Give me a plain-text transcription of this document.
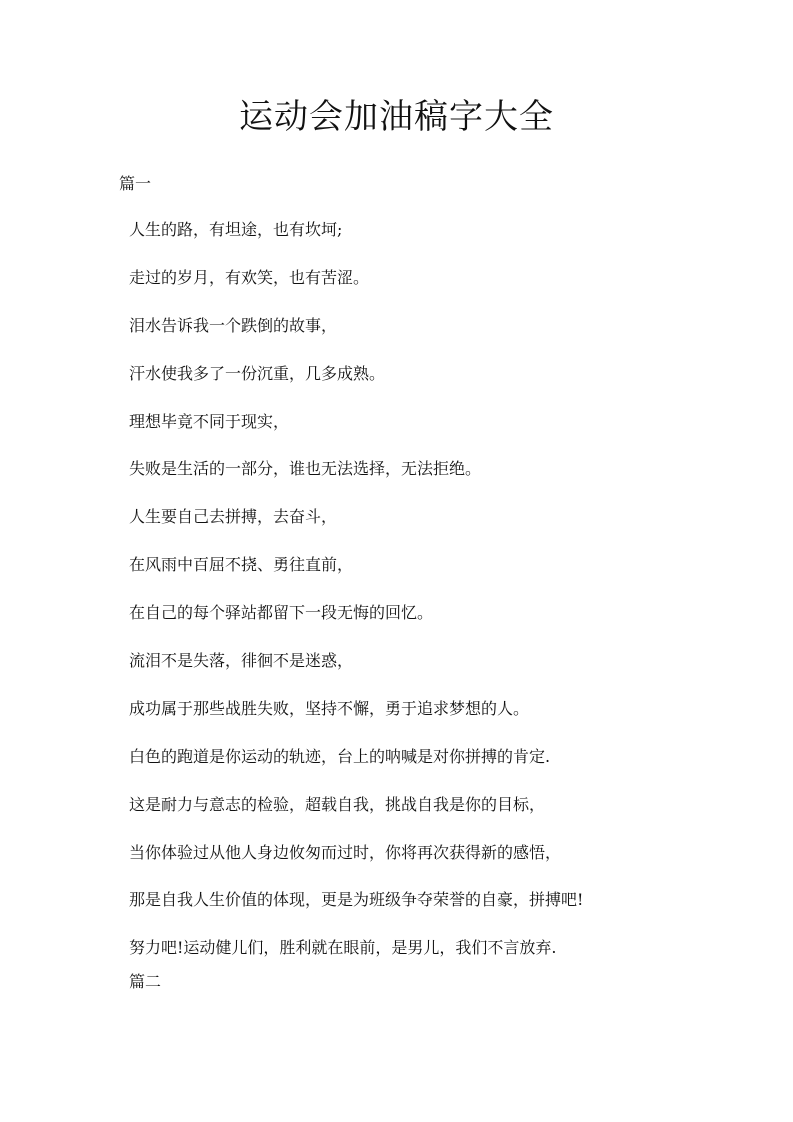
运动会加油稿字大全

篇一

人生的路，有坦途，也有坎坷;
走过的岁月，有欢笑，也有苦涩。
泪水告诉我一个跌倒的故事，
汗水使我多了一份沉重，几多成熟。
理想毕竟不同于现实，
失败是生活的一部分，谁也无法选择，无法拒绝。
人生要自己去拼搏，去奋斗，
在风雨中百屈不挠、勇往直前，
在自己的每个驿站都留下一段无悔的回忆。
流泪不是失落，徘徊不是迷惑，
成功属于那些战胜失败，坚持不懈，勇于追求梦想的人。
白色的跑道是你运动的轨迹，台上的呐喊是对你拼搏的肯定.
这是耐力与意志的检验，超载自我，挑战自我是你的目标，
当你体验过从他人身边攸匆而过时，你将再次获得新的感悟，
那是自我人生价值的体现，更是为班级争夺荣誉的自豪，拼搏吧!
努力吧!运动健儿们，胜利就在眼前，是男儿，我们不言放弃.

篇二
